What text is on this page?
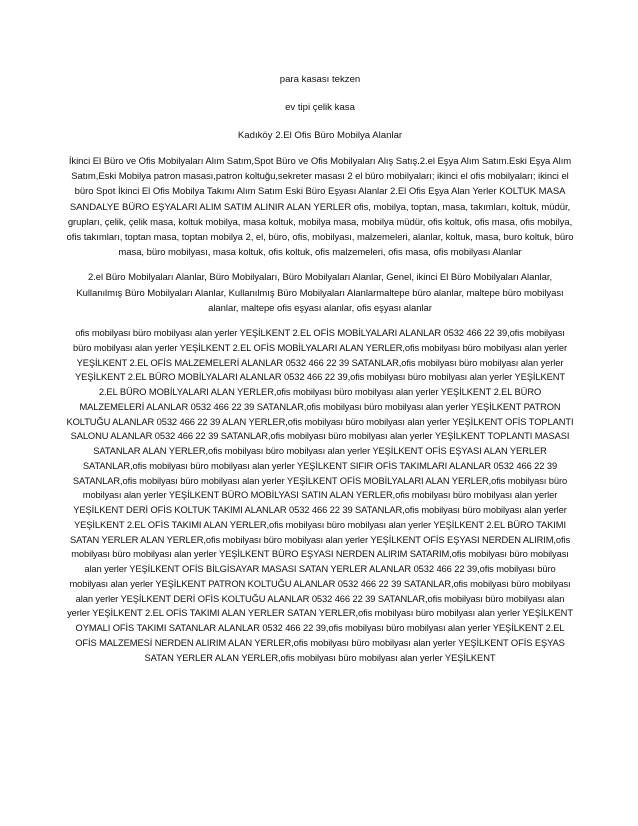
para kasası tekzen

ev tipi çelik kasa

Kadıköy 2.El Ofis Büro Mobilya Alanlar

İkinci El Büro ve Ofis Mobilyaları Alım Satım,Spot Büro ve Ofis Mobilyaları Alış Satış.2.el Eşya Alım Satım.Eski Eşya Alım Satım,Eski Mobilya patron masası,patron koltuğu,sekreter masası 2 el büro mobilyaları; ikinci el ofis mobilyaları; ikinci el büro Spot İkinci El Ofis Mobilya Takımı Alım Satım Eski Büro Eşyası Alanlar 2.El Ofis Eşya Alan Yerler KOLTUK MASA SANDALYE BÜRO EŞYALARI ALIM SATIM ALINIR ALAN YERLER ofis, mobilya, toptan, masa, takımları, koltuk, müdür, grupları, çelik, çelik masa, koltuk mobilya, masa koltuk, mobilya masa, mobilya müdür, ofis koltuk, ofis masa, ofis mobilya, ofis takımları, toptan masa, toptan mobilya 2, el, büro, ofis, mobilyası, malzemeleri, alanlar, koltuk, masa, buro koltuk, büro masa, büro mobilyası, masa koltuk, ofis koltuk, ofis malzemeleri, ofis masa, ofis mobilyası Alanlar

2.el Büro Mobilyaları Alanlar, Büro Mobilyaları, Büro Mobilyaları Alanlar, Genel, ikinci El Büro Mobilyaları Alanlar, Kullanılmış Büro Mobilyaları Alanlar, Kullanılmış Büro Mobilyaları Alanlarmaltepe büro alanlar, maltepe büro mobilyası alanlar, maltepe ofis eşyası alanlar, ofis eşyası alanlar

ofis mobilyası büro mobilyası alan yerler YEŞİLKENT 2.EL OFİS MOBİLYALARI ALANLAR 0532 466 22 39,ofis mobilyası büro mobilyası alan yerler YEŞİLKENT 2.EL OFİS MOBİLYALARI ALAN YERLER,ofis mobilyası büro mobilyası alan yerler YEŞİLKENT 2.EL OFİS MALZEMELERİ ALANLAR 0532 466 22 39 SATANLAR,ofis mobilyası büro mobilyası alan yerler YEŞİLKENT 2.EL BÜRO MOBİLYALARI ALANLAR 0532 466 22 39,ofis mobilyası büro mobilyası alan yerler YEŞİLKENT 2.EL BÜRO MOBİLYALARI ALAN YERLER,ofis mobilyası büro mobilyası alan yerler YEŞİLKENT 2.EL BÜRO MALZEMELERİ ALANLAR 0532 466 22 39 SATANLAR,ofis mobilyası büro mobilyası alan yerler YEŞİLKENT PATRON KOLTUĞU ALANLAR 0532 466 22 39 ALAN YERLER,ofis mobilyası büro mobilyası alan yerler YEŞİLKENT OFİS TOPLANTI SALONU ALANLAR 0532 466 22 39 SATANLAR,ofis mobilyası büro mobilyası alan yerler YEŞİLKENT TOPLANTI MASASI SATANLAR ALAN YERLER,ofis mobilyası büro mobilyası alan yerler YEŞİLKENT OFİS EŞYASI ALAN YERLER SATANLAR,ofis mobilyası büro mobilyası alan yerler YEŞİLKENT SIFIR OFİS TAKIMLARI ALANLAR 0532 466 22 39 SATANLAR,ofis mobilyası büro mobilyası alan yerler YEŞİLKENT OFİS MOBİLYALARI ALAN YERLER,ofis mobilyası büro mobilyası alan yerler YEŞİLKENT BÜRO MOBİLYASI SATIN ALAN YERLER,ofis mobilyası büro mobilyası alan yerler YEŞİLKENT DERİ OFİS KOLTUK TAKIMI ALANLAR 0532 466 22 39 SATANLAR,ofis mobilyası büro mobilyası alan yerler YEŞİLKENT 2.EL OFİS TAKIMI ALAN YERLER,ofis mobilyası büro mobilyası alan yerler YEŞİLKENT 2.EL BÜRO TAKIMI SATAN YERLER ALAN YERLER,ofis mobilyası büro mobilyası alan yerler YEŞİLKENT OFİS EŞYASI NERDEN ALIRIM,ofis mobilyası büro mobilyası alan yerler YEŞİLKENT BÜRO EŞYASI NERDEN ALIRIM SATARIM,ofis mobilyası büro mobilyası alan yerler YEŞİLKENT OFİS BİLGİSAYAR MASASI SATAN YERLER ALANLAR 0532 466 22 39,ofis mobilyası büro mobilyası alan yerler YEŞİLKENT PATRON KOLTUĞU ALANLAR 0532 466 22 39 SATANLAR,ofis mobilyası büro mobilyası alan yerler YEŞİLKENT DERİ OFİS KOLTUĞU ALANLAR 0532 466 22 39 SATANLAR,ofis mobilyası büro mobilyası alan yerler YEŞİLKENT 2.EL OFİS TAKIMI ALAN YERLER SATAN YERLER,ofis mobilyası büro mobilyası alan yerler YEŞİLKENT OYMALI OFİS TAKIMI SATANLAR ALANLAR 0532 466 22 39,ofis mobilyası büro mobilyası alan yerler YEŞİLKENT 2.EL OFİS MALZEMESİ NERDEN ALIRIM ALAN YERLER,ofis mobilyası büro mobilyası alan yerler YEŞİLKENT OFİS EŞYAS SATAN YERLER ALAN YERLER,ofis mobilyası büro mobilyası alan yerler YEŞİLKENT
